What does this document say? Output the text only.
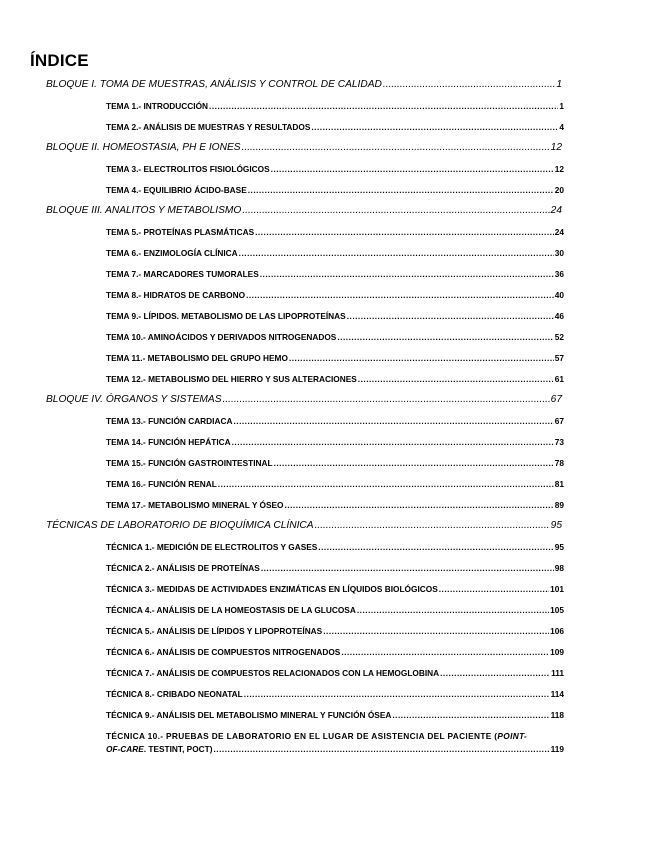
ÍNDICE
BLOQUE I. TOMA DE MUESTRAS, ANÁLISIS Y CONTROL DE CALIDAD .....	1
TEMA 1.- INTRODUCCIÓN .....	1
TEMA 2.- ANÁLISIS DE MUESTRAS Y RESULTADOS .....	4
BLOQUE II. HOMEOSTASIA, PH E IONES .....	12
TEMA 3.- ELECTROLITOS FISIOLÓGICOS .....	12
TEMA 4.- EQUILIBRIO ÁCIDO-BASE .....	20
BLOQUE III. ANALITOS Y METABOLISMO .....	24
TEMA 5.- PROTEÍNAS PLASMÁTICAS .....	24
TEMA 6.- ENZIMOLOGÍA CLÍNICA .....	30
TEMA 7.- MARCADORES TUMORALES .....	36
TEMA 8.- HIDRATOS DE CARBONO .....	40
TEMA 9.- LÍPIDOS. METABOLISMO DE LAS LIPOPROTEÍNAS .....	46
TEMA 10.- AMINOÁCIDOS Y DERIVADOS NITROGENADOS .....	52
TEMA 11.- METABOLISMO DEL GRUPO HEMO .....	57
TEMA 12.- METABOLISMO DEL HIERRO Y SUS ALTERACIONES .....	61
BLOQUE IV. ÓRGANOS Y SISTEMAS .....	67
TEMA 13.- FUNCIÓN CARDIACA .....	67
TEMA 14.- FUNCIÓN HEPÁTICA .....	73
TEMA 15.- FUNCIÓN GASTROINTESTINAL .....	78
TEMA 16.- FUNCIÓN RENAL .....	81
TEMA 17.- METABOLISMO MINERAL Y ÓSEO .....	89
TÉCNICAS DE LABORATORIO DE BIOQUÍMICA CLÍNICA .....	95
TÉCNICA 1.- MEDICIÓN DE ELECTROLITOS Y GASES .....	95
TÉCNICA 2.- ANÁLISIS DE PROTEÍNAS .....	98
TÉCNICA 3.- MEDIDAS DE ACTIVIDADES ENZIMÁTICAS EN LÍQUIDOS BIOLÓGICOS .....	101
TÉCNICA 4.- ANÁLISIS DE LA HOMEOSTASIS DE LA GLUCOSA .....	105
TÉCNICA 5.- ANÁLISIS DE LÍPIDOS Y LIPOPROTEÍNAS .....	106
TÉCNICA 6.- ANÁLISIS DE COMPUESTOS NITROGENADOS .....	109
TÉCNICA 7.- ANÁLISIS DE COMPUESTOS RELACIONADOS CON LA HEMOGLOBINA .....	111
TÉCNICA 8.- CRIBADO NEONATAL .....	114
TÉCNICA 9.- ANÁLISIS DEL METABOLISMO MINERAL Y FUNCIÓN ÓSEA .....	118
TÉCNICA 10.- PRUEBAS DE LABORATORIO EN EL LUGAR DE ASISTENCIA DEL PACIENTE (POINT-
OF-CARE. TESTINT, POCT) .....	119
